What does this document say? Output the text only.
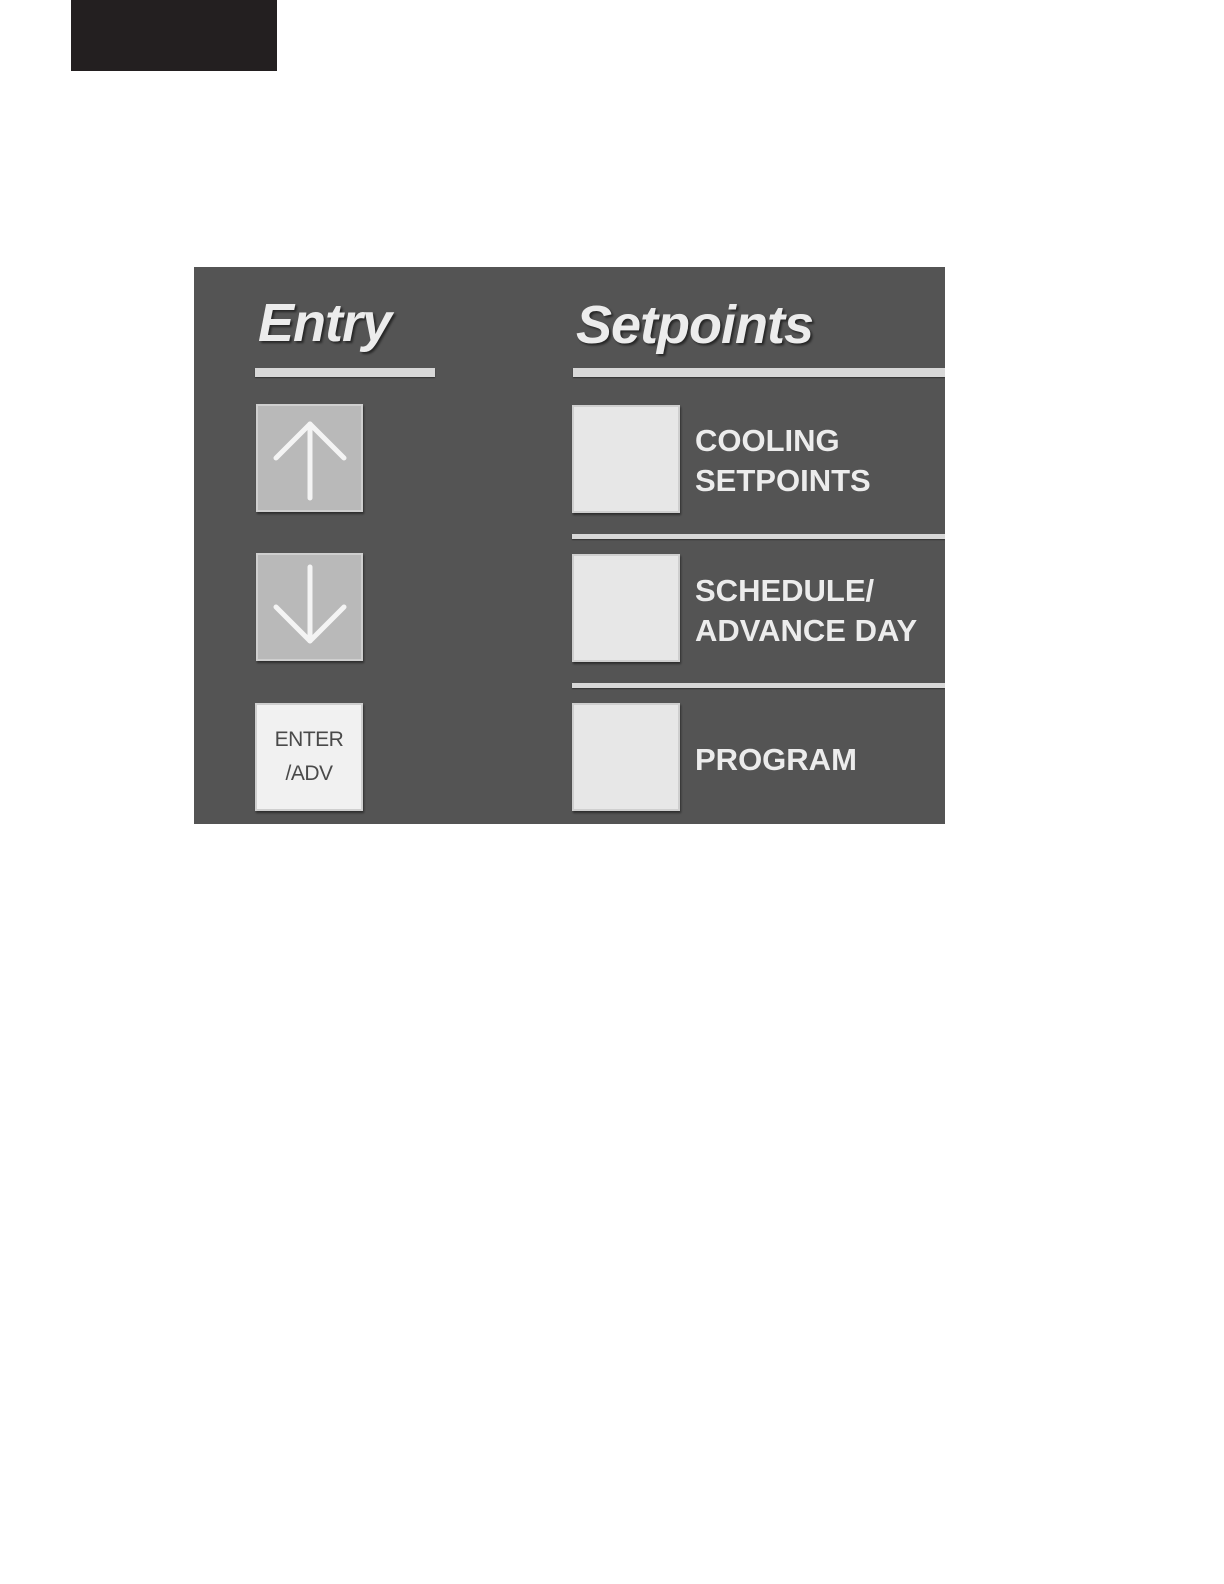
Entry	Setpoints
ENTER
/ADV
COOLING
SETPOINTS
SCHEDULE/
ADVANCE DAY
PROGRAM
